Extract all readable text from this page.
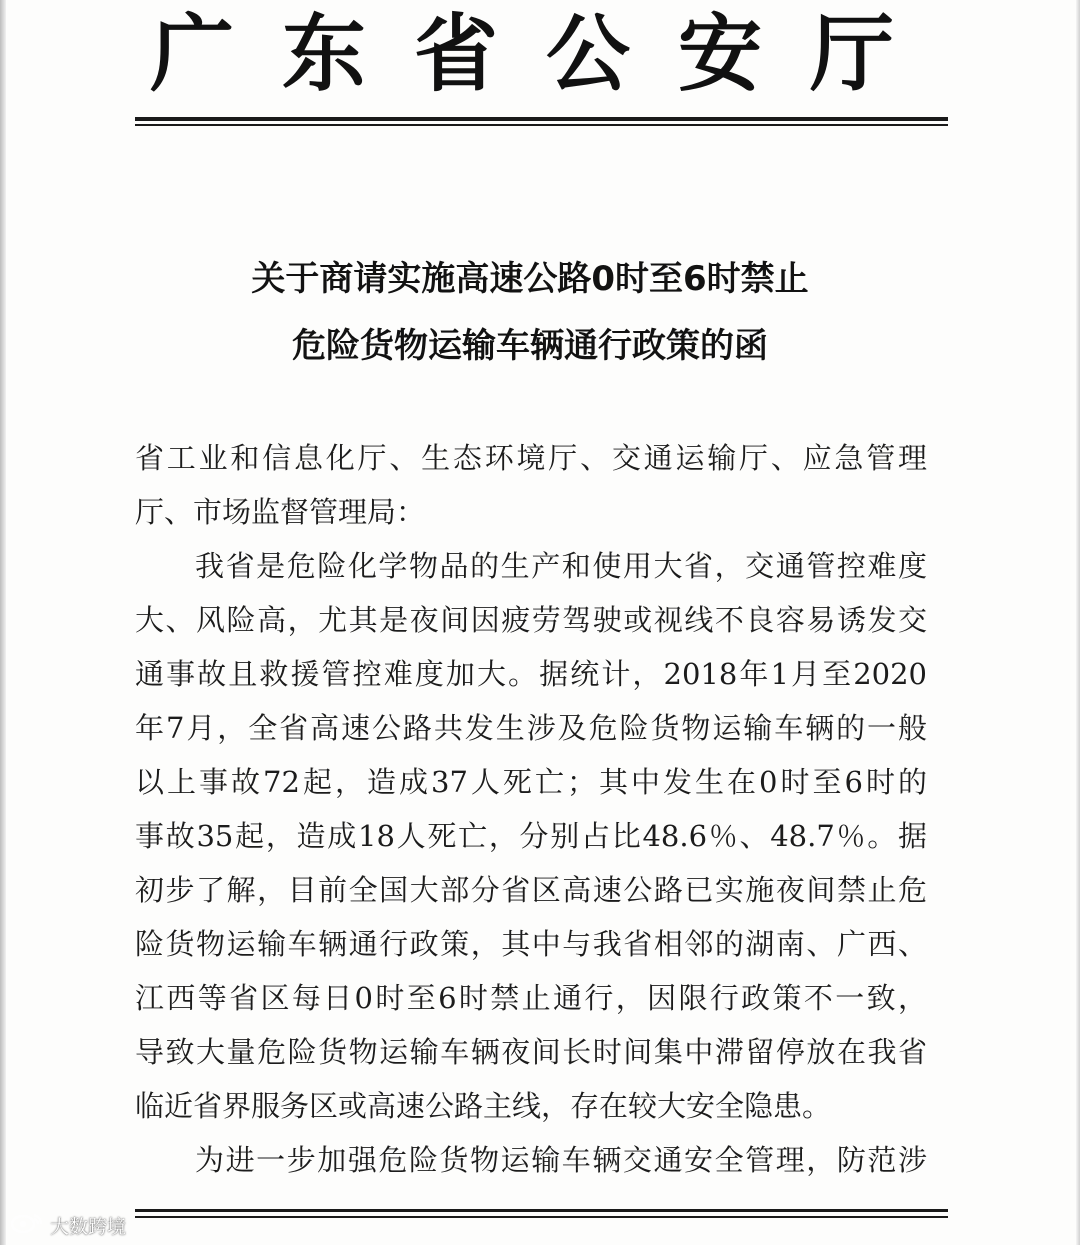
广东省公安厅
关于商请实施高速公路0时至6时禁止
危险货物运输车辆通行政策的函
省工业和信息化厅、生态环境厅、交通运输厅、应急管理
厅、市场监督管理局：
我省是危险化学物品的生产和使用大省，交通管控难度
大、风险高，尤其是夜间因疲劳驾驶或视线不良容易诱发交
通事故且救援管控难度加大。据统计，2018年1月至2020
年7月，全省高速公路共发生涉及危险货物运输车辆的一般
以上事故72起，造成37人死亡；其中发生在0时至6时的
事故35起，造成18人死亡，分别占比48.6％、48.7％。据
初步了解，目前全国大部分省区高速公路已实施夜间禁止危
险货物运输车辆通行政策，其中与我省相邻的湖南、广西、
江西等省区每日0时至6时禁止通行，因限行政策不一致，
导致大量危险货物运输车辆夜间长时间集中滞留停放在我省
临近省界服务区或高速公路主线，存在较大安全隐患。
为进一步加强危险货物运输车辆交通安全管理，防范涉
大数跨境
